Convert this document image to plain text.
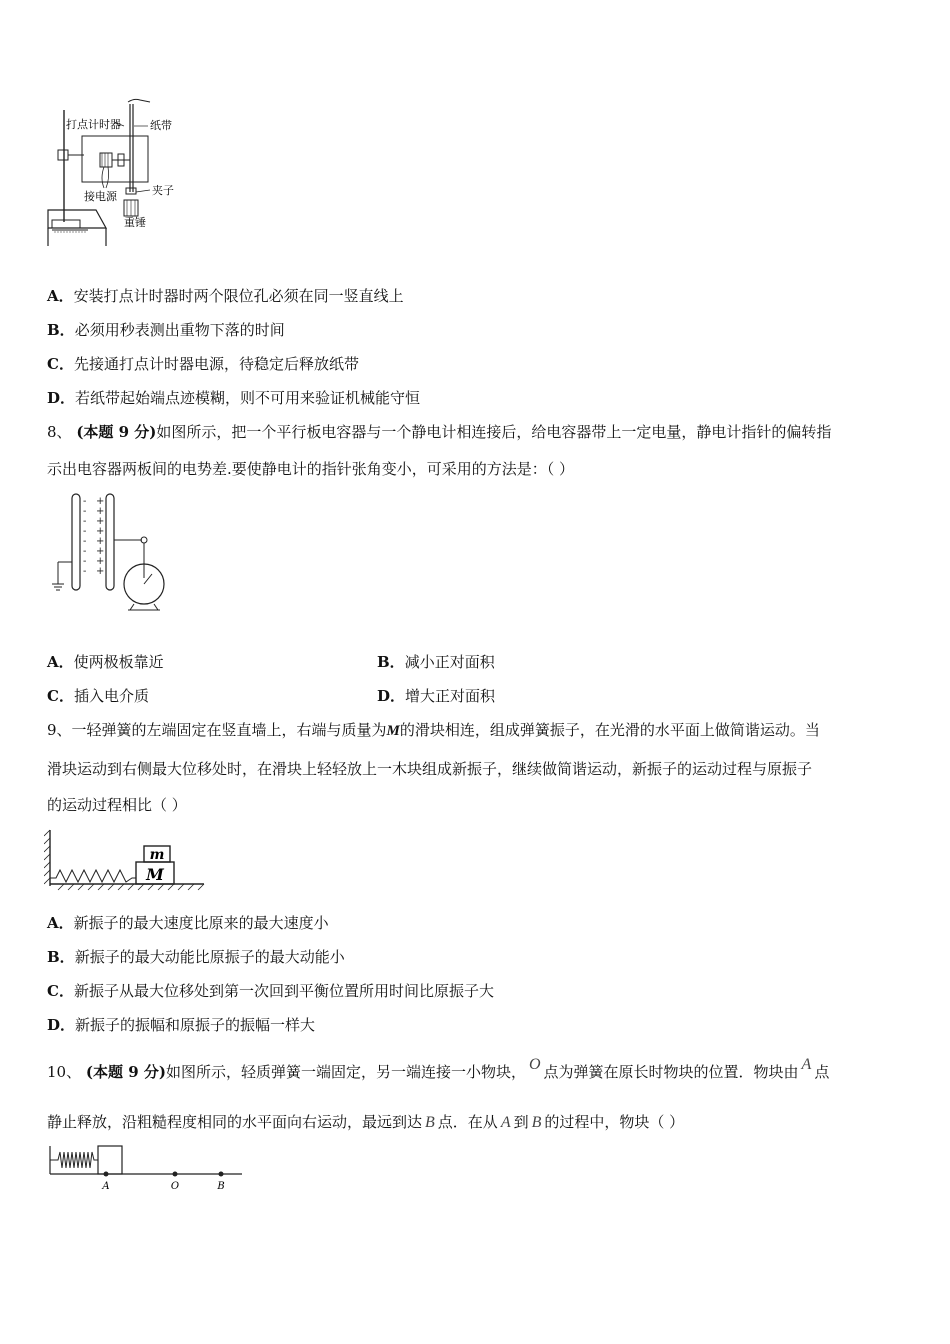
打点计时器	纸带
接电源	夹子
重锤
A．安装打点计时器时两个限位孔必须在同一竖直线上
B．必须用秒表测出重物下落的时间
C．先接通打点计时器电源，待稳定后释放纸带
D．若纸带起始端点迹模糊，则不可用来验证机械能守恒
8、 (本题 9 分)如图所示，把一个平行板电容器与一个静电计相连接后，给电容器带上一定电量，静电计指针的偏转指
示出电容器两板间的电势差.要使静电计的指针张角变小，可采用的方法是：（ ）
-
-
-
-
-
-
-
-
+
+
+
+
+
+
+
+
A．使两极板靠近	B．减小正对面积
C．插入电介质	D．增大正对面积
9、一轻弹簧的左端固定在竖直墙上，右端与质量为M的滑块相连，组成弹簧振子，在光滑的水平面上做简谐运动。当
滑块运动到右侧最大位移处时，在滑块上轻轻放上一木块组成新振子，继续做简谐运动，新振子的运动过程与原振子
的运动过程相比（ ）
m
M
A．新振子的最大速度比原来的最大速度小
B．新振子的最大动能比原振子的最大动能小
C．新振子从最大位移处到第一次回到平衡位置所用时间比原振子大
D．新振子的振幅和原振子的振幅一样大
10、 (本题 9 分)如图所示，轻质弹簧一端固定，另一端连接一小物块， O 点为弹簧在原长时物块的位置．物块由 A 点
静止释放，沿粗糙程度相同的水平面向右运动，最远到达 B 点．在从 A 到 B 的过程中，物块（ ）
A	O	B
